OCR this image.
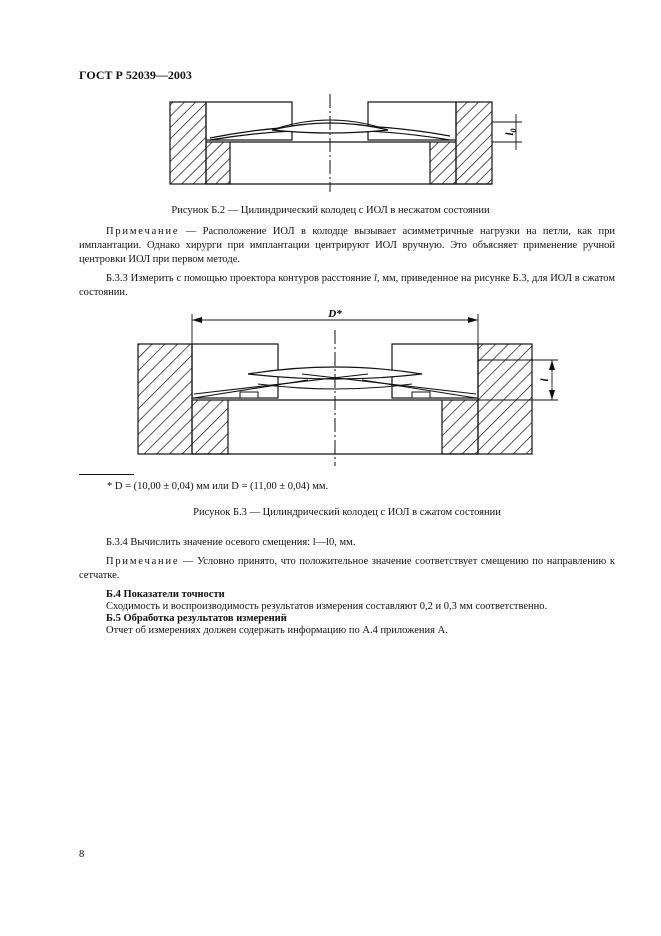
ГОСТ Р 52039—2003
$l_0$
Рисунок Б.2 — Цилиндрический колодец с ИОЛ в несжатом состоянии
Примечание — Расположение ИОЛ в колодце вызывает асимметричные нагрузки на петли, как при имплантации. Однако хирурги при имплантации центрируют ИОЛ вручную. Это объясняет применение ручной центровки ИОЛ при первом методе.
Б.3.3 Измерить с помощью проектора контуров расстояние l, мм, приведенное на рисунке Б.3, для ИОЛ в сжатом состоянии.
D*
l
* D = (10,00 ± 0,04) мм или D = (11,00 ± 0,04) мм.
Рисунок Б.3 — Цилиндрический колодец с ИОЛ в сжатом состоянии
Б.3.4 Вычислить значение осевого смещения: l—l0, мм.
Примечание — Условно принято, что положительное значение соответствует смещению по направлению к сетчатке.
Б.4 Показатели точности
Сходимость и воспроизводимость результатов измерения составляют 0,2 и 0,3 мм соответственно.
Б.5 Обработка результатов измерений
Отчет об измерениях должен содержать информацию по А.4 приложения А.
8
